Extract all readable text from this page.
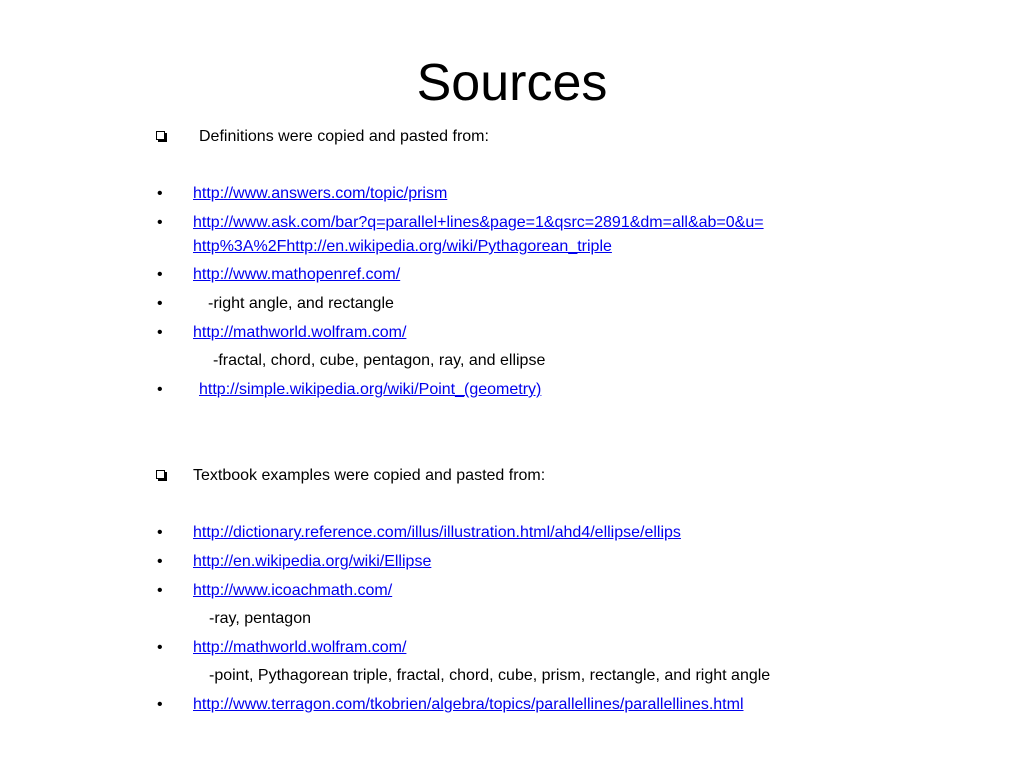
Sources
Definitions were copied and pasted from:
• http://www.answers.com/topic/prism
• http://www.ask.com/bar?q=parallel+lines&page=1&qsrc=2891&dm=all&ab=0&u=
http%3A%2Fhttp://en.wikipedia.org/wiki/Pythagorean_triple
• http://www.mathopenref.com/
•	-right angle, and rectangle
• http://mathworld.wolfram.com/
-fractal, chord, cube, pentagon, ray, and ellipse
• http://simple.wikipedia.org/wiki/Point_(geometry)
Textbook examples were copied and pasted from:
• http://dictionary.reference.com/illus/illustration.html/ahd4/ellipse/ellips
• http://en.wikipedia.org/wiki/Ellipse
• http://www.icoachmath.com/
-ray, pentagon
• http://mathworld.wolfram.com/
-point, Pythagorean triple, fractal, chord, cube, prism, rectangle, and right angle
• http://www.terragon.com/tkobrien/algebra/topics/parallellines/parallellines.html
